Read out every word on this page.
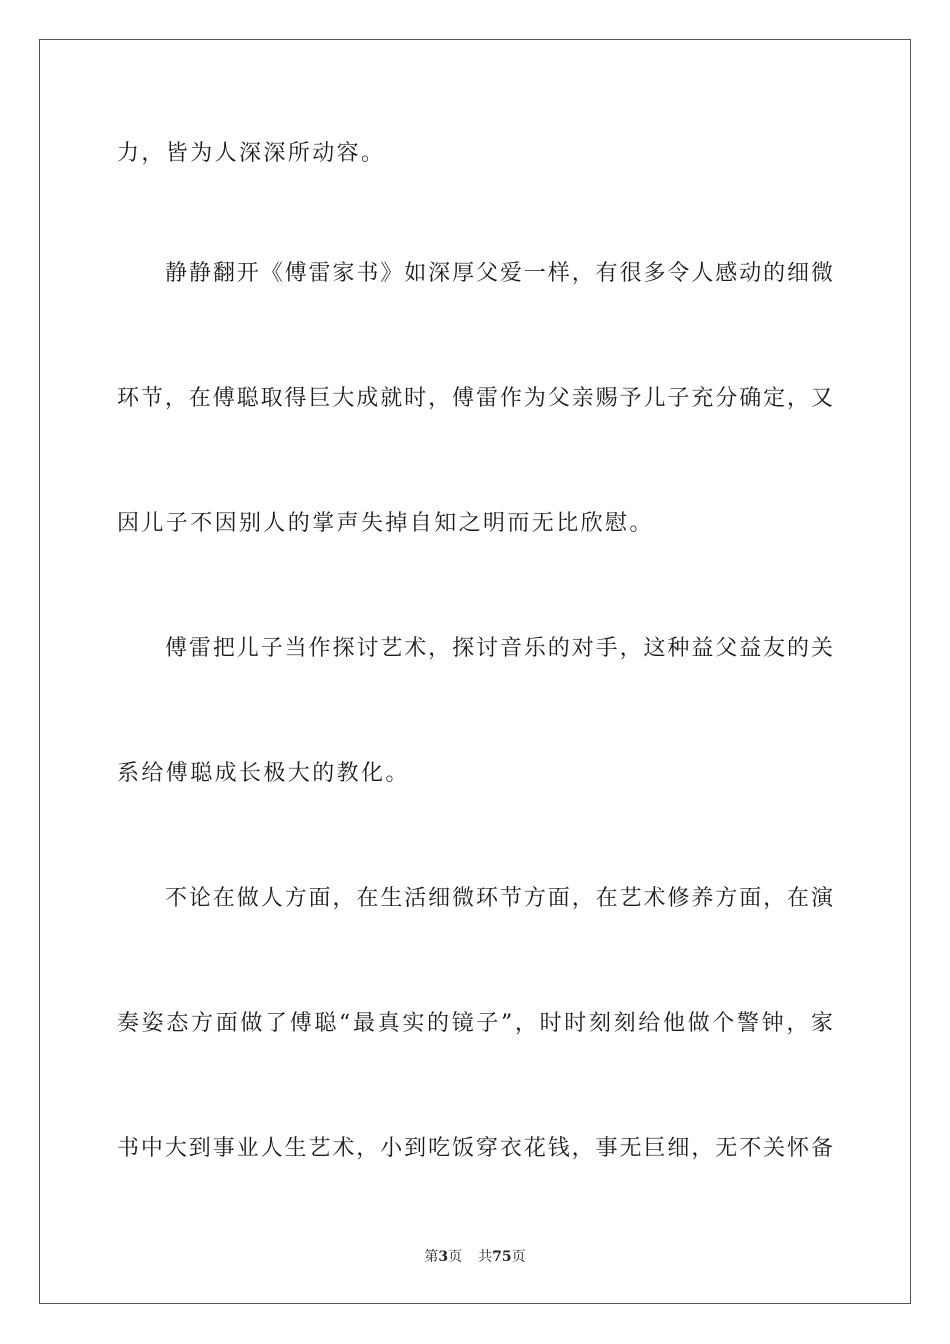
力，皆为人深深所动容。
静静翻开《傅雷家书》如深厚父爱一样，有很多令人感动的细微
环节，在傅聪取得巨大成就时，傅雷作为父亲赐予儿子充分确定，又
因儿子不因别人的掌声失掉自知之明而无比欣慰。
傅雷把儿子当作探讨艺术，探讨音乐的对手，这种益父益友的关
系给傅聪成长极大的教化。
不论在做人方面，在生活细微环节方面，在艺术修养方面，在演
奏姿态方面做了傅聪“最真实的镜子”，时时刻刻给他做个警钟，家
书中大到事业人生艺术，小到吃饭穿衣花钱，事无巨细，无不关怀备
第3页 共75页
